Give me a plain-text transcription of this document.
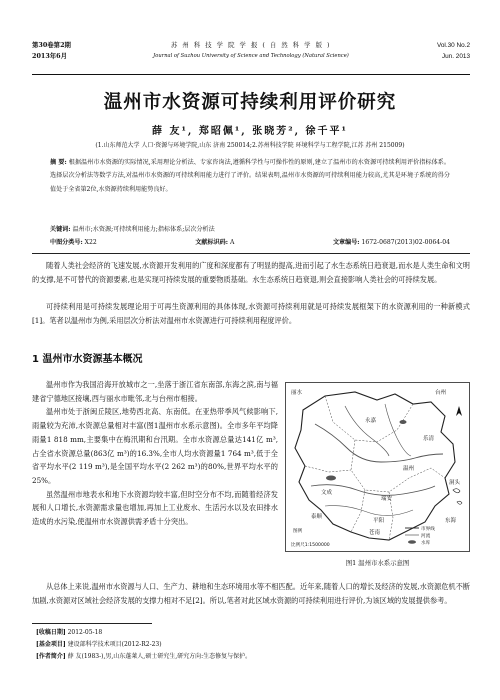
第30卷第2期	苏 州 科 技 学 院 学 报 ( 自 然 科 学 版 )	Vol.30 No.2
2013年6月	Journal of Suzhou University of Science and Technology (Natural Science)	Jun. 2013
温州市水资源可持续利用评价研究
薛 友¹, 郑昭佩¹, 张晓芳², 徐千平¹
(1.山东师范大学 人口·资源与环境学院,山东 济南 250014;2.苏州科技学院 环境科学与工程学院,江苏 苏州 215009)
摘 要: 根据温州市水资源的实际情况,采用理论分析法、专家咨询法,遵循科学性与可操作性的原则,建立了温州市的水资源可持续利用评价指标体系。选择层次分析法等数学方法,对温州市水资源的可持续利用能力进行了评价。结果表明,温州市水资源的可持续利用能力较高,尤其是环境子系统的得分值处于全省第2位,水资源持续利用能势良好。
关键词: 温州市;水资源;可持续利用能力;指标体系;层次分析法
中图分类号: X22	文献标识码: A	文章编号: 1672-0687(2013)02-0064-04

随着人类社会经济的飞速发展,水资源开发利用的广度和深度都有了明显的提高,进而引起了水生态系统日趋衰退,而水是人类生命和文明的支撑,是不可替代的资源要素,也是实现可持续发展的重要物质基础。水生态系统日趋衰退,则会直接影响人类社会的可持续发展。

可持续利用是可持续发展理论用于可再生资源利用的具体体现,水资源可持续利用就是可持续发展框架下的水资源利用的一种新模式[1]。笔者以温州市为例,采用层次分析法对温州市水资源进行可持续利用程度评价。

1 温州市水资源基本概况

温州市作为我国沿海开放城市之一,坐落于浙江省东南部,东海之滨,南与福建省宁德地区接壤,西与丽水市毗邻,北与台州市相接。

温州市处于浙闽丘陵区,地势西北高、东南低。在亚热带季风气候影响下,雨量较为充沛,水资源总量相对丰富(图1温州市水系示意图)。全市多年平均降雨量1 818 mm,主要集中在梅汛期和台汛期。全市水资源总量达141亿 m³,占全省水资源总量(863亿 m³)的16.3%,全市人均水资源量1 764 m³,低于全省平均水平(2 119 m³),是全国平均水平(2 262 m³)的80%,世界平均水平的25%。

虽然温州市地表水和地下水资源均较丰富,但时空分布不均,而随着经济发展和人口增长,水资源需求量也增加,再加上工业废水、生活污水以及农田排水造成的水污染,使温州市水资源供需矛盾十分突出。

丽水	台州
乐清
永嘉
温州
瑞安
文成
平阳
泰顺
苍南
洞头
东海
图例	市界线
河流
水库
比例尺1:1500000
图1 温州市水系示意图

从总体上来说,温州市水资源与人口、生产力、耕地和生态环境用水等不相匹配。近年来,随着人口的增长及经济的发展,水资源危机不断加剧,水资源对区域社会经济发展的支撑力相对不足[2]。所以,笔者对此区域水资源的可持续利用进行评价,为该区域的发展提供参考。

[收稿日期] 2012-05-18
[基金项目] 建设部科学技术项目(2012-R2-23)
[作者简介] 薛 友(1983-),男,山东蓬莱人,硕士研究生,研究方向:生态修复与保护。
